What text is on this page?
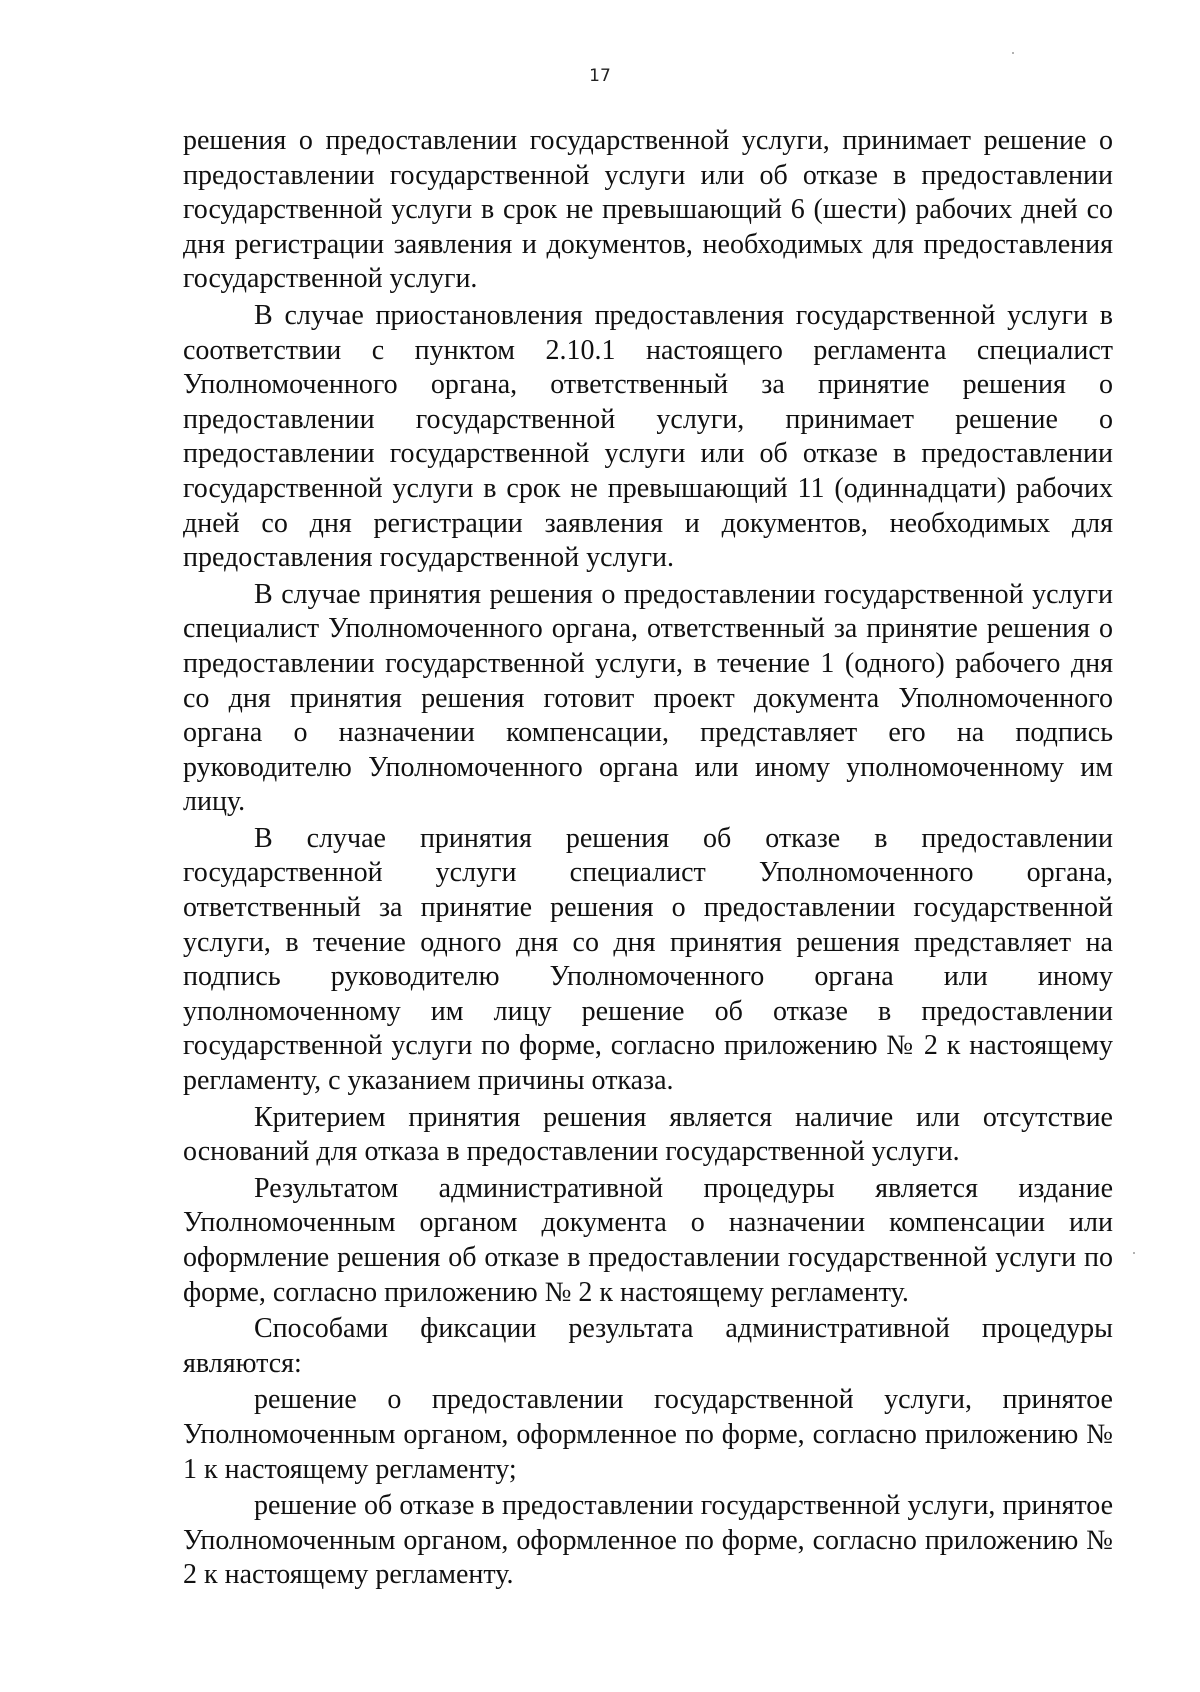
17

решения о предоставлении государственной услуги, принимает решение о предоставлении государственной услуги или об отказе в предоставлении государственной услуги в срок не превышающий 6 (шести) рабочих дней со дня регистрации заявления и документов, необходимых для предоставления государственной услуги.

В случае приостановления предоставления государственной услуги в соответствии с пунктом 2.10.1 настоящего регламента специалист Уполномоченного органа, ответственный за принятие решения о предоставлении государственной услуги, принимает решение о предоставлении государственной услуги или об отказе в предоставлении государственной услуги в срок не превышающий 11 (одиннадцати) рабочих дней со дня регистрации заявления и документов, необходимых для предоставления государственной услуги.

В случае принятия решения о предоставлении государственной услуги специалист Уполномоченного органа, ответственный за принятие решения о предоставлении государственной услуги, в течение 1 (одного) рабочего дня со дня принятия решения готовит проект документа Уполномоченного органа о назначении компенсации, представляет его на подпись руководителю Уполномоченного органа или иному уполномоченному им лицу.

В случае принятия решения об отказе в предоставлении государственной услуги специалист Уполномоченного органа, ответственный за принятие решения о предоставлении государственной услуги, в течение одного дня со дня принятия решения представляет на подпись руководителю Уполномоченного органа или иному уполномоченному им лицу решение об отказе в предоставлении государственной услуги по форме, согласно приложению № 2 к настоящему регламенту, с указанием причины отказа.

Критерием принятия решения является наличие или отсутствие оснований для отказа в предоставлении государственной услуги.

Результатом административной процедуры является издание Уполномоченным органом документа о назначении компенсации или оформление решения об отказе в предоставлении государственной услуги по форме, согласно приложению № 2 к настоящему регламенту.

Способами фиксации результата административной процедуры являются:

решение о предоставлении государственной услуги, принятое Уполномоченным органом, оформленное по форме, согласно приложению № 1 к настоящему регламенту;

решение об отказе в предоставлении государственной услуги, принятое Уполномоченным органом, оформленное по форме, согласно приложению № 2 к настоящему регламенту.
